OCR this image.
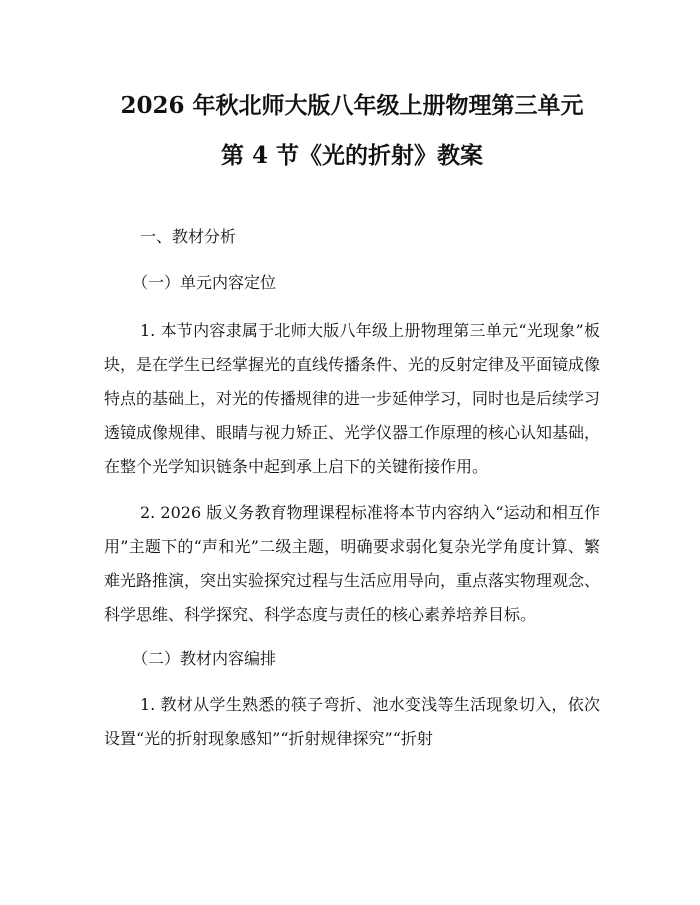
2026 年秋北师大版八年级上册物理第三单元

第 4 节《光的折射》教案

一、教材分析

（一）单元内容定位

1. 本节内容隶属于北师大版八年级上册物理第三单元“光现象”板块，是在学生已经掌握光的直线传播条件、光的反射定律及平面镜成像特点的基础上，对光的传播规律的进一步延伸学习，同时也是后续学习透镜成像规律、眼睛与视力矫正、光学仪器工作原理的核心认知基础，在整个光学知识链条中起到承上启下的关键衔接作用。

2. 2026 版义务教育物理课程标准将本节内容纳入“运动和相互作用”主题下的“声和光”二级主题，明确要求弱化复杂光学角度计算、繁难光路推演，突出实验探究过程与生活应用导向，重点落实物理观念、科学思维、科学探究、科学态度与责任的核心素养培养目标。

（二）教材内容编排

1. 教材从学生熟悉的筷子弯折、池水变浅等生活现象切入，依次设置“光的折射现象感知”“折射规律探究”“折射
